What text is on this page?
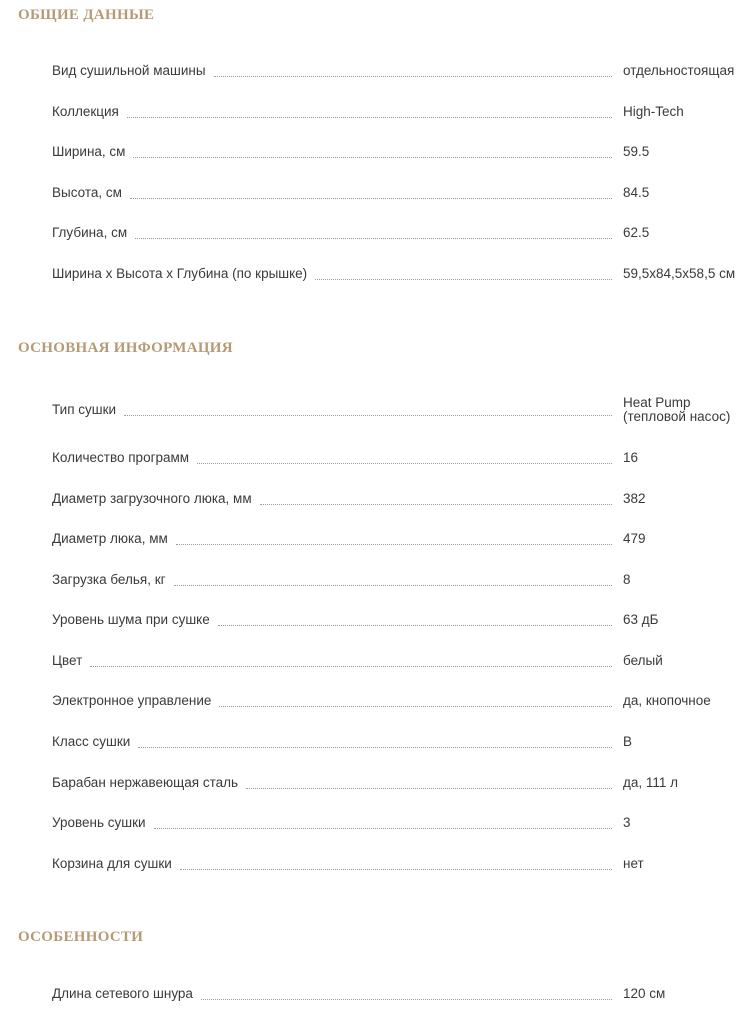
ОБЩИЕ ДАННЫЕ
Вид сушильной машины	отдельностоящая
Коллекция	High-Tech
Ширина, см	59.5
Высота, см	84.5
Глубина, см	62.5
Ширина x Высота x Глубина (по крышке)	59,5x84,5x58,5 см
ОСНОВНАЯ ИНФОРМАЦИЯ
Тип сушки	Heat Pump (тепловой насос)
Количество программ	16
Диаметр загрузочного люка, мм	382
Диаметр люка, мм	479
Загрузка белья, кг	8
Уровень шума при сушке	63 дБ
Цвет	белый
Электронное управление	да, кнопочное
Класс сушки	B
Барабан нержавеющая сталь	да, 111 л
Уровень сушки	3
Корзина для сушки	нет
ОСОБЕННОСТИ
Длина сетевого шнура	120 см
